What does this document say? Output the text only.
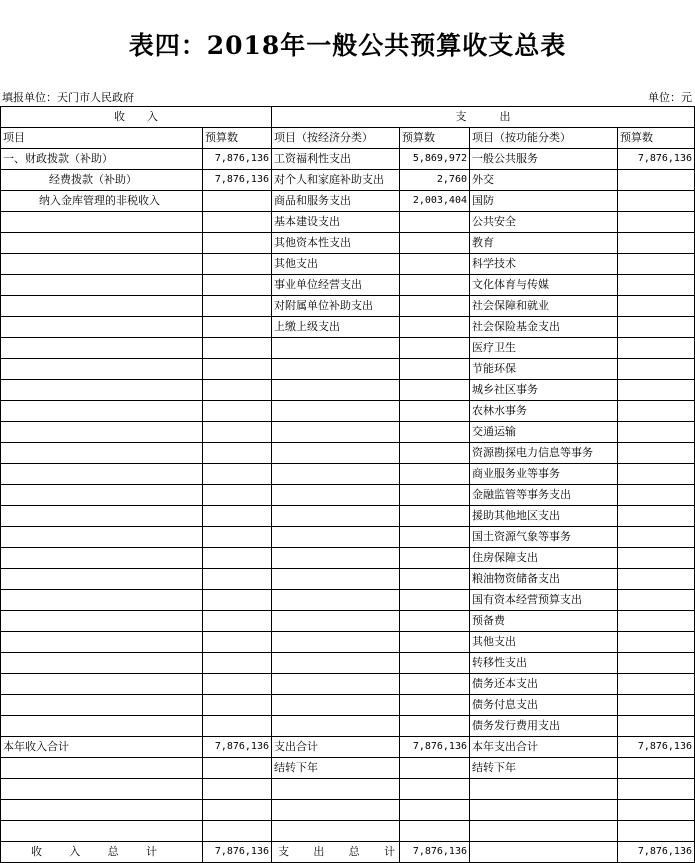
表四：2018年一般公共预算收支总表
填报单位：天门市人民政府	单位：元
收　　入		支　　　出			
项目	预算数	项目（按经济分类）	预算数	项目（按功能分类）	预算数
一、财政拨款（补助）	7,876,136	工资福利性支出	5,869,972	一般公共服务	7,876,136
经费拨款（补助）	7,876,136	对个人和家庭补助支出	2,760	外交	
纳入金库管理的非税收入		商品和服务支出	2,003,404	国防	
		基本建设支出		公共安全	
		其他资本性支出		教育	
		其他支出		科学技术	
		事业单位经营支出		文化体育与传媒	
		对附属单位补助支出		社会保障和就业	
		上缴上级支出		社会保险基金支出	
				医疗卫生	
				节能环保	
				城乡社区事务	
				农林水事务	
				交通运输	
				资源勘探电力信息等事务	
				商业服务业等事务	
				金融监管等事务支出	
				援助其他地区支出	
				国土资源气象等事务	
				住房保障支出	
				粮油物资储备支出	
				国有资本经营预算支出	
				预备费	
				其他支出	
				转移性支出	
				债务还本支出	
				债务付息支出	
				债务发行费用支出	
本年收入合计	7,876,136	支出合计	7,876,136	本年支出合计	7,876,136
		结转下年		结转下年	

收入总计	7,876,136	支出总计	7,876,136		7,876,136
